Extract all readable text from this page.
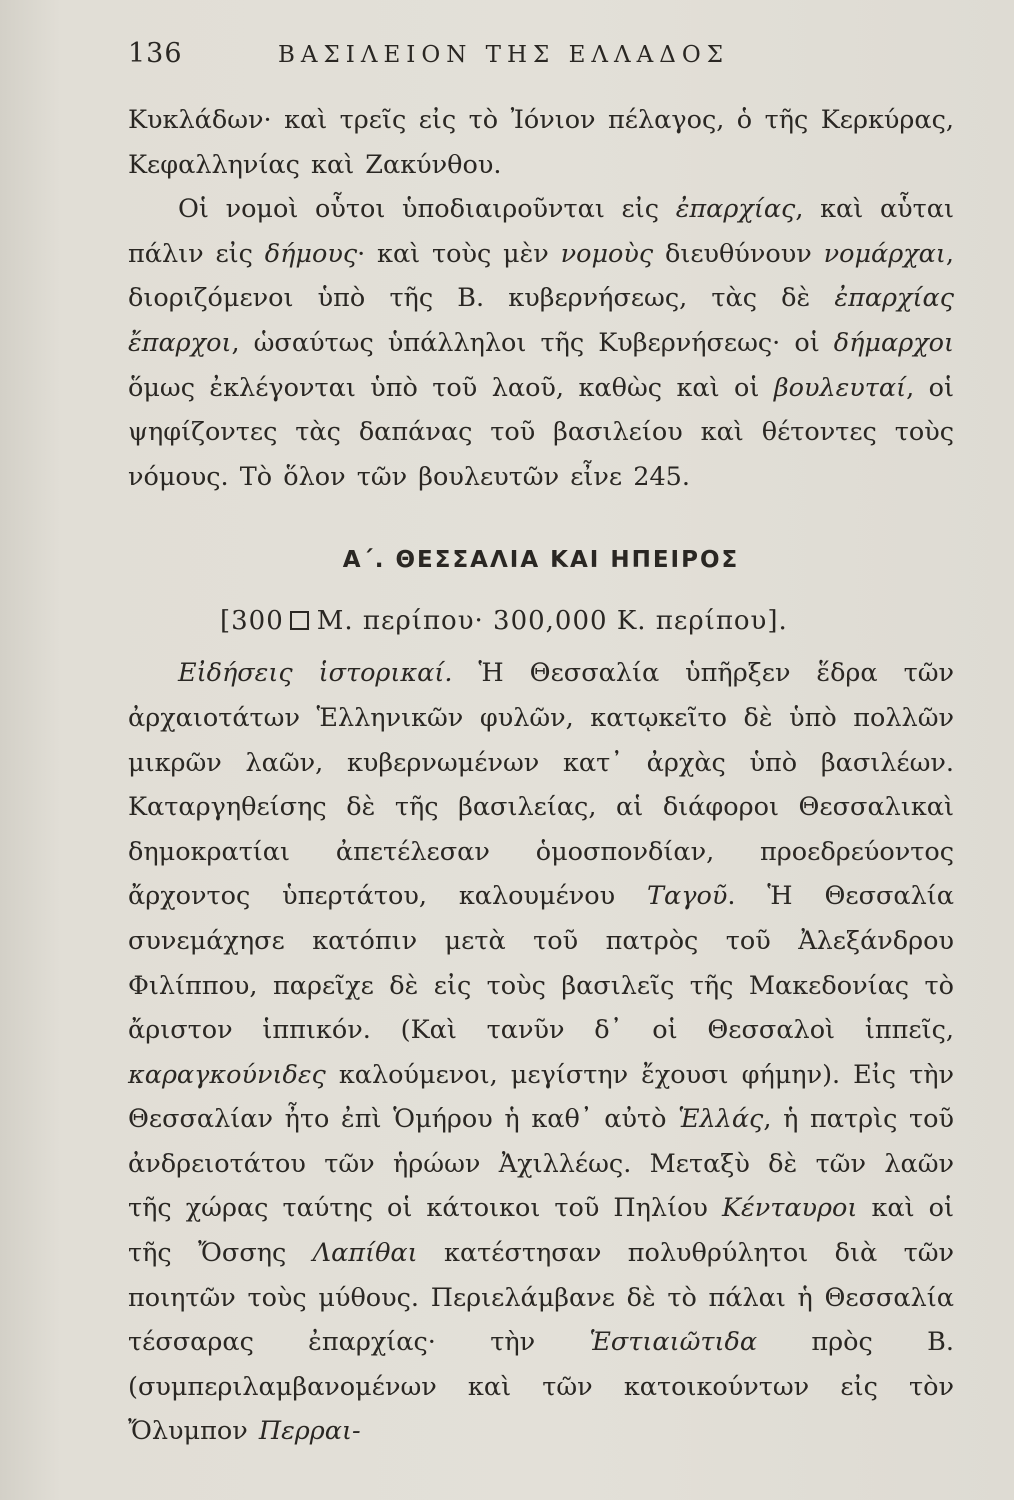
136	ΒΑΣΙΛΕΙΟΝ ΤΗΣ ΕΛΛΑΔΟΣ

Κυκλάδων· καὶ τρεῖς εἰς τὸ Ἰόνιον πέλαγος, ὁ τῆς Κερκύρας, Κεφαλληνίας καὶ Ζακύνθου.

Οἱ νομοὶ οὗτοι ὑποδιαιροῦνται εἰς ἐπαρχίας, καὶ αὗται πάλιν εἰς δήμους· καὶ τοὺς μὲν νομοὺς διευθύνουν νομάρχαι, διοριζόμενοι ὑπὸ τῆς Β. κυβερνήσεως, τὰς δὲ ἐπαρχίας ἔπαρχοι, ὡσαύτως ὑπάλληλοι τῆς Κυβερνήσεως· οἱ δήμαρχοι ὅμως ἐκλέγονται ὑπὸ τοῦ λαοῦ, καθὼς καὶ οἱ βουλευταί, οἱ ψηφίζοντες τὰς δαπάνας τοῦ βασιλείου καὶ θέτοντες τοὺς νόμους. Τὸ ὅλον τῶν βουλευτῶν εἶνε 245.

Α΄. ΘΕΣΣΑΛΙΑ ΚΑΙ ΗΠΕΙΡΟΣ

[300 Μ. περίπου· 300,000 Κ. περίπου].

Εἰδήσεις ἱστορικαί. Ἡ Θεσσαλία ὑπῆρξεν ἕδρα τῶν ἀρχαιοτάτων Ἑλληνικῶν φυλῶν, κατῳκεῖτο δὲ ὑπὸ πολλῶν μικρῶν λαῶν, κυβερνωμένων κατ᾽ ἀρχὰς ὑπὸ βασιλέων. Καταργηθείσης δὲ τῆς βασιλείας, αἱ διάφοροι Θεσσαλικαὶ δημοκρατίαι ἀπετέλεσαν ὁμοσπονδίαν, προεδρεύοντος ἄρχοντος ὑπερτάτου, καλουμένου Ταγοῦ. Ἡ Θεσσαλία συνεμάχησε κατόπιν μετὰ τοῦ πατρὸς τοῦ Ἀλεξάνδρου Φιλίππου, παρεῖχε δὲ εἰς τοὺς βασιλεῖς τῆς Μακεδονίας τὸ ἄριστον ἱππικόν. (Καὶ τανῦν δ᾽ οἱ Θεσσαλοὶ ἱππεῖς, καραγκούνιδες καλούμενοι, μεγίστην ἔχουσι φήμην). Εἰς τὴν Θεσσαλίαν ἦτο ἐπὶ Ὁμήρου ἡ καθ᾽ αὐτὸ Ἑλλάς, ἡ πατρὶς τοῦ ἀνδρειοτάτου τῶν ἡρώων Ἀχιλλέως. Μεταξὺ δὲ τῶν λαῶν τῆς χώρας ταύτης οἱ κάτοικοι τοῦ Πηλίου Κένταυροι καὶ οἱ τῆς Ὄσσης Λαπίθαι κατέστησαν πολυθρύλητοι διὰ τῶν ποιητῶν τοὺς μύθους. Περιελάμβανε δὲ τὸ πάλαι ἡ Θεσσαλία τέσσαρας ἐπαρχίας· τὴν Ἑστιαιῶτιδα πρὸς Β. (συμπεριλαμβανομένων καὶ τῶν κατοικούντων εἰς τὸν Ὄλυμπον Περραι-
